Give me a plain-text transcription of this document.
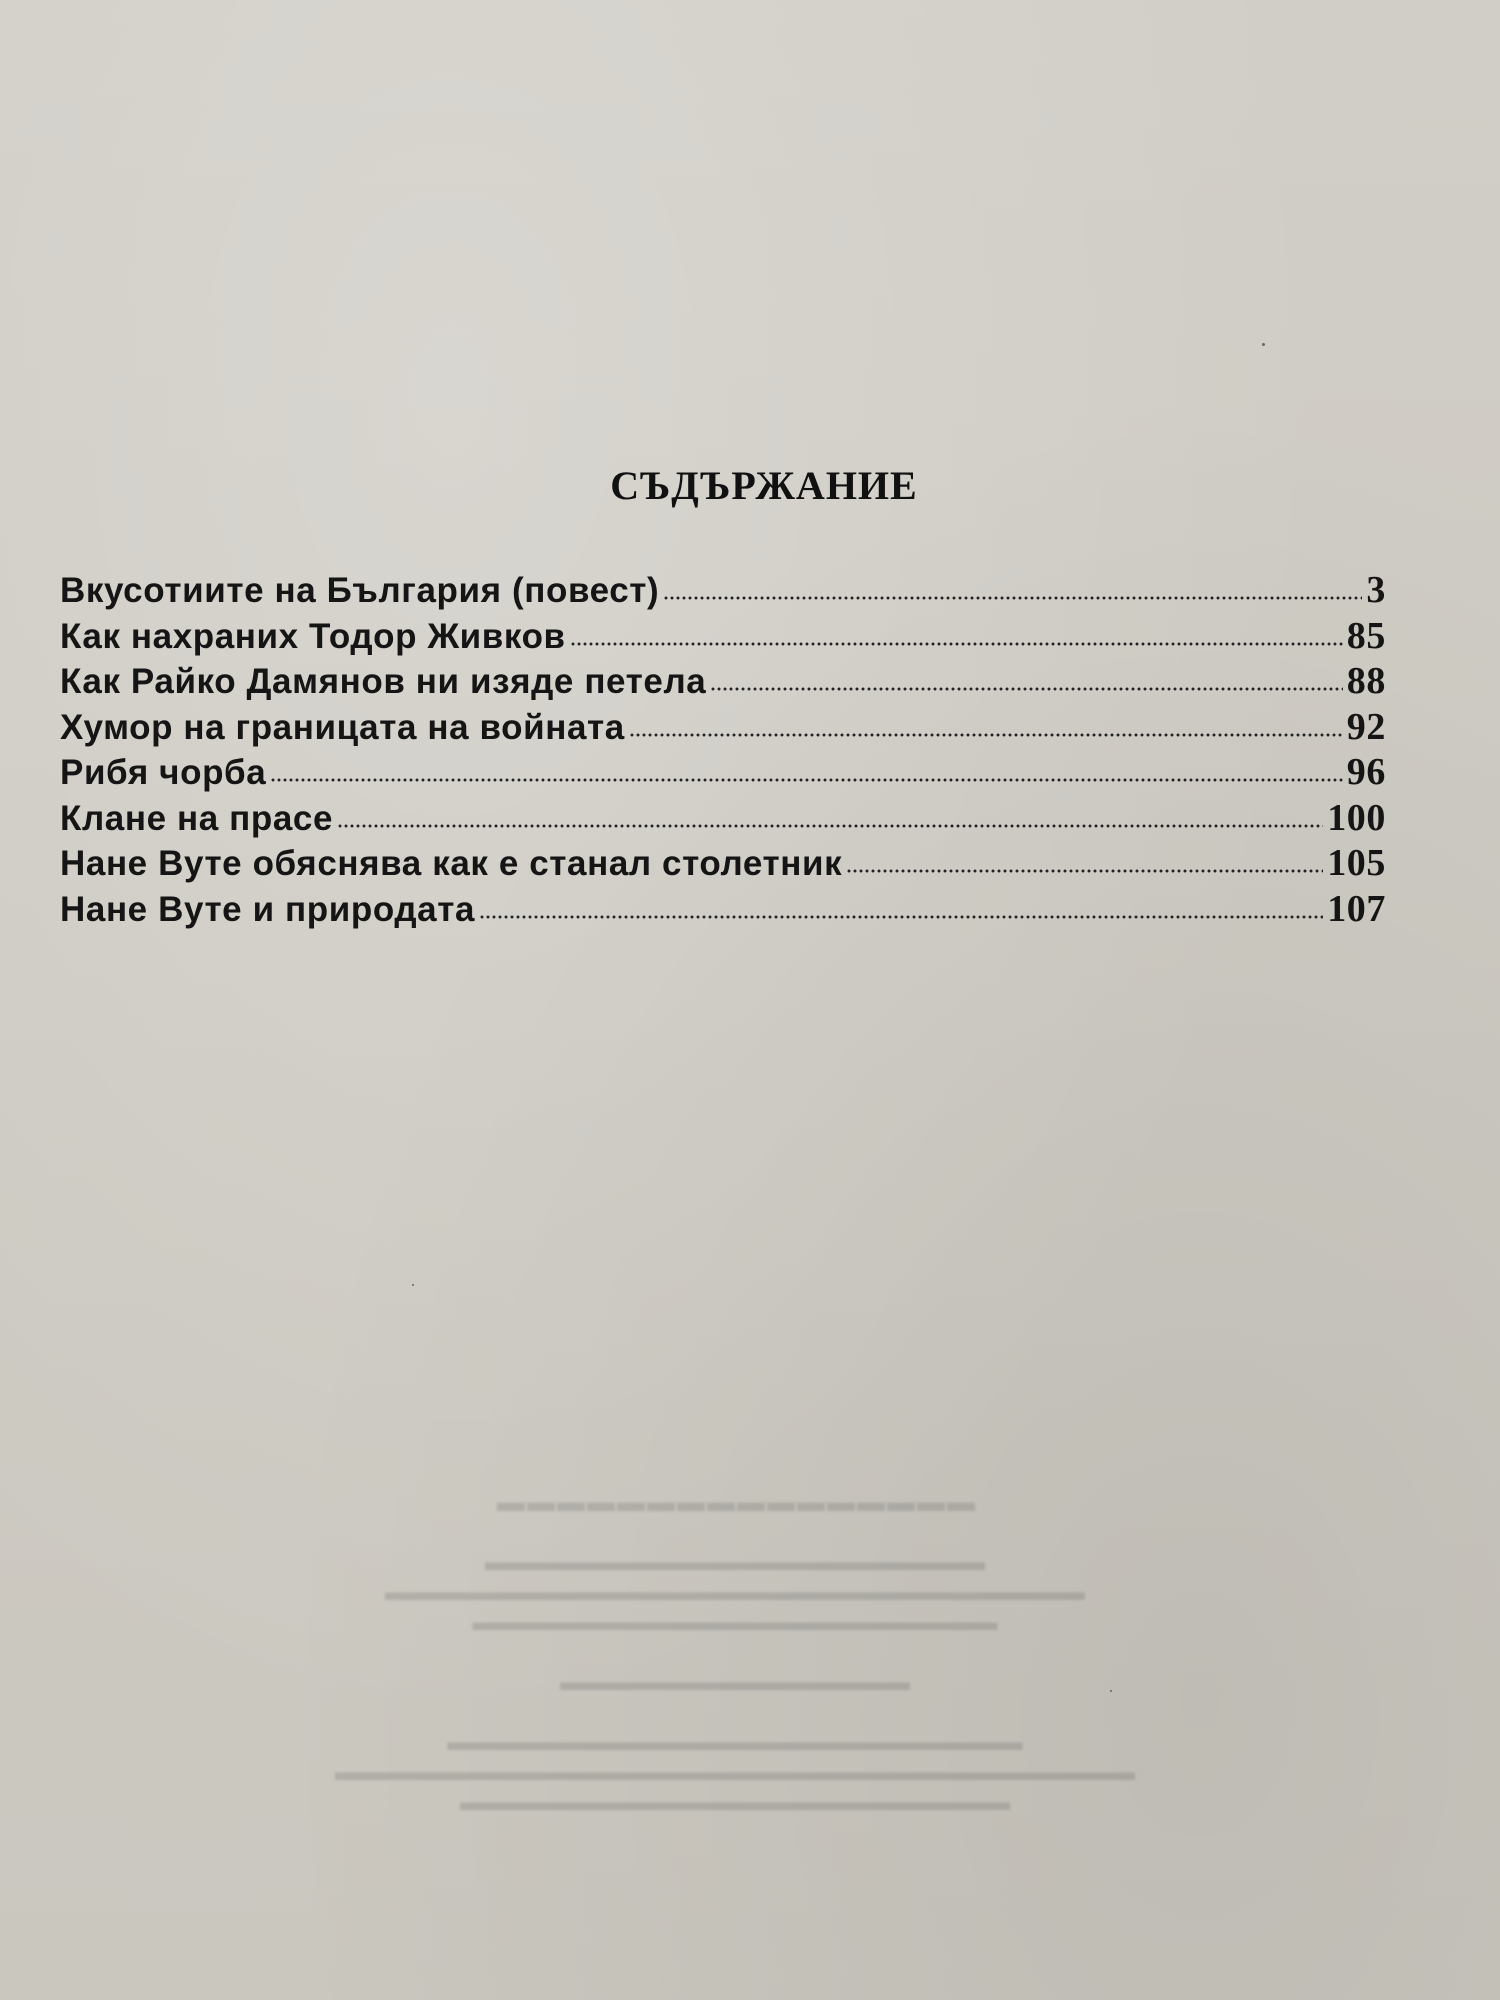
СЪДЪРЖАНИЕ
Вкусотиите на България (повест)	3
Как нахраних Тодор Живков	85
Как Райко Дамянов ни изяде петела	88
Хумор на границата на войната	92
Рибя чорба	96
Клане на прасе	100
Нане Вуте обяснява как е станал столетник	105
Нане Вуте и природата	107
▬▬▬▬▬▬▬▬▬▬▬▬▬▬▬▬
▬▬▬▬▬▬▬▬▬▬▬▬▬▬▬▬▬▬▬▬
▬▬▬▬▬▬▬▬▬▬▬▬▬▬▬▬▬▬▬▬▬▬▬▬▬▬▬▬
▬▬▬▬▬▬▬▬▬▬▬▬▬▬▬▬▬▬▬▬▬
▬▬▬▬▬▬▬▬▬▬▬▬▬▬
▬▬▬▬▬▬▬▬▬▬▬▬▬▬▬▬▬▬▬▬▬▬▬
▬▬▬▬▬▬▬▬▬▬▬▬▬▬▬▬▬▬▬▬▬▬▬▬▬▬▬▬▬▬▬▬
▬▬▬▬▬▬▬▬▬▬▬▬▬▬▬▬▬▬▬▬▬▬
